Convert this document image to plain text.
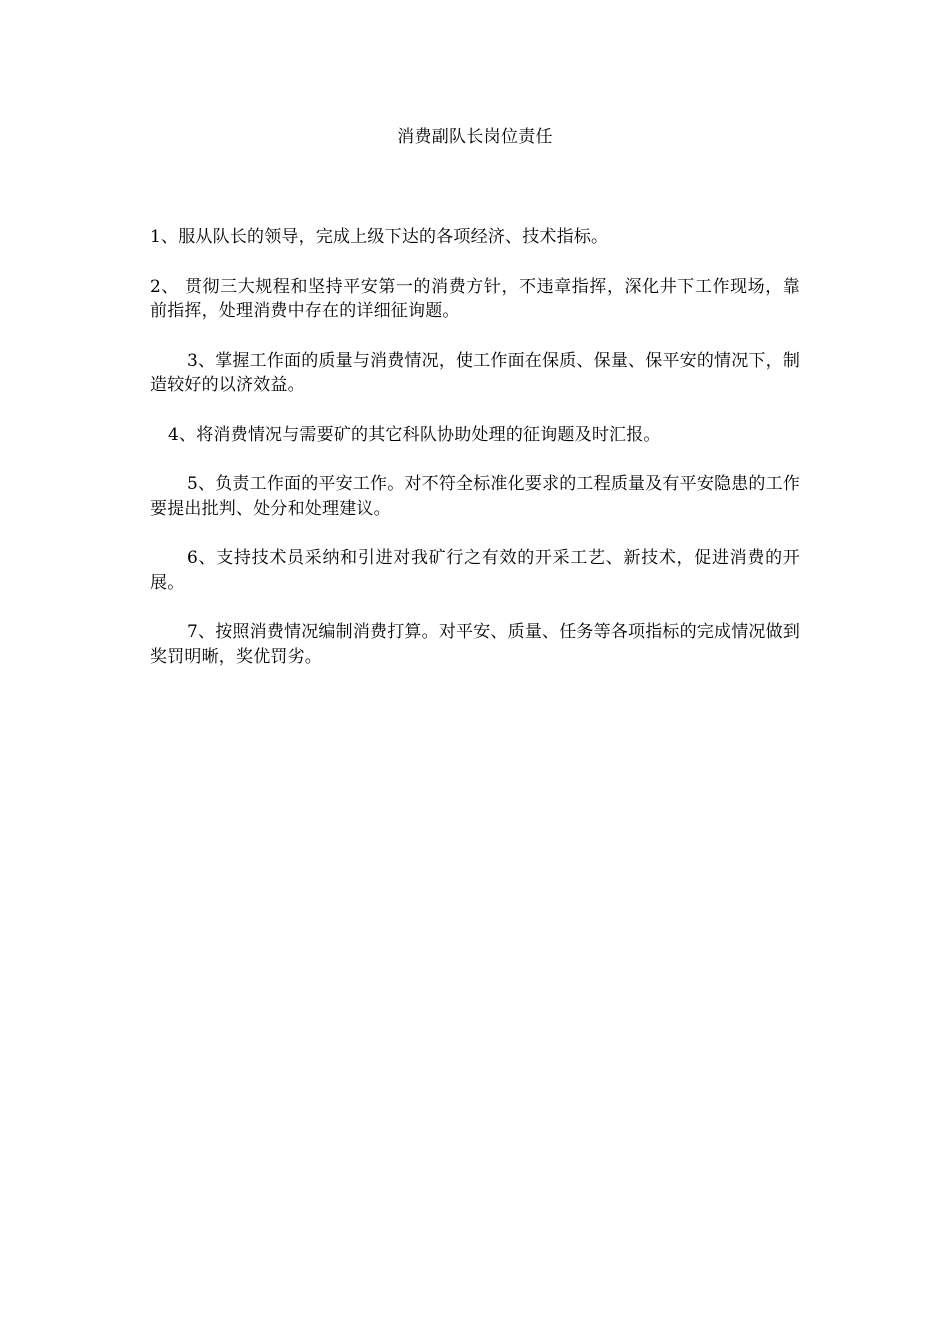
消费副队长岗位责任

1、服从队长的领导，完成上级下达的各项经济、技术指标。

2、 贯彻三大规程和坚持平安第一的消费方针，不违章指挥，深化井下工作现场，靠前指挥，处理消费中存在的详细征询题。

3、掌握工作面的质量与消费情况，使工作面在保质、保量、保平安的情况下，制造较好的以济效益。

4、将消费情况与需要矿的其它科队协助处理的征询题及时汇报。

5、负责工作面的平安工作。对不符全标准化要求的工程质量及有平安隐患的工作要提出批判、处分和处理建议。

6、支持技术员采纳和引进对我矿行之有效的开采工艺、新技术，促进消费的开展。

7、按照消费情况编制消费打算。对平安、质量、任务等各项指标的完成情况做到奖罚明晰，奖优罚劣。
